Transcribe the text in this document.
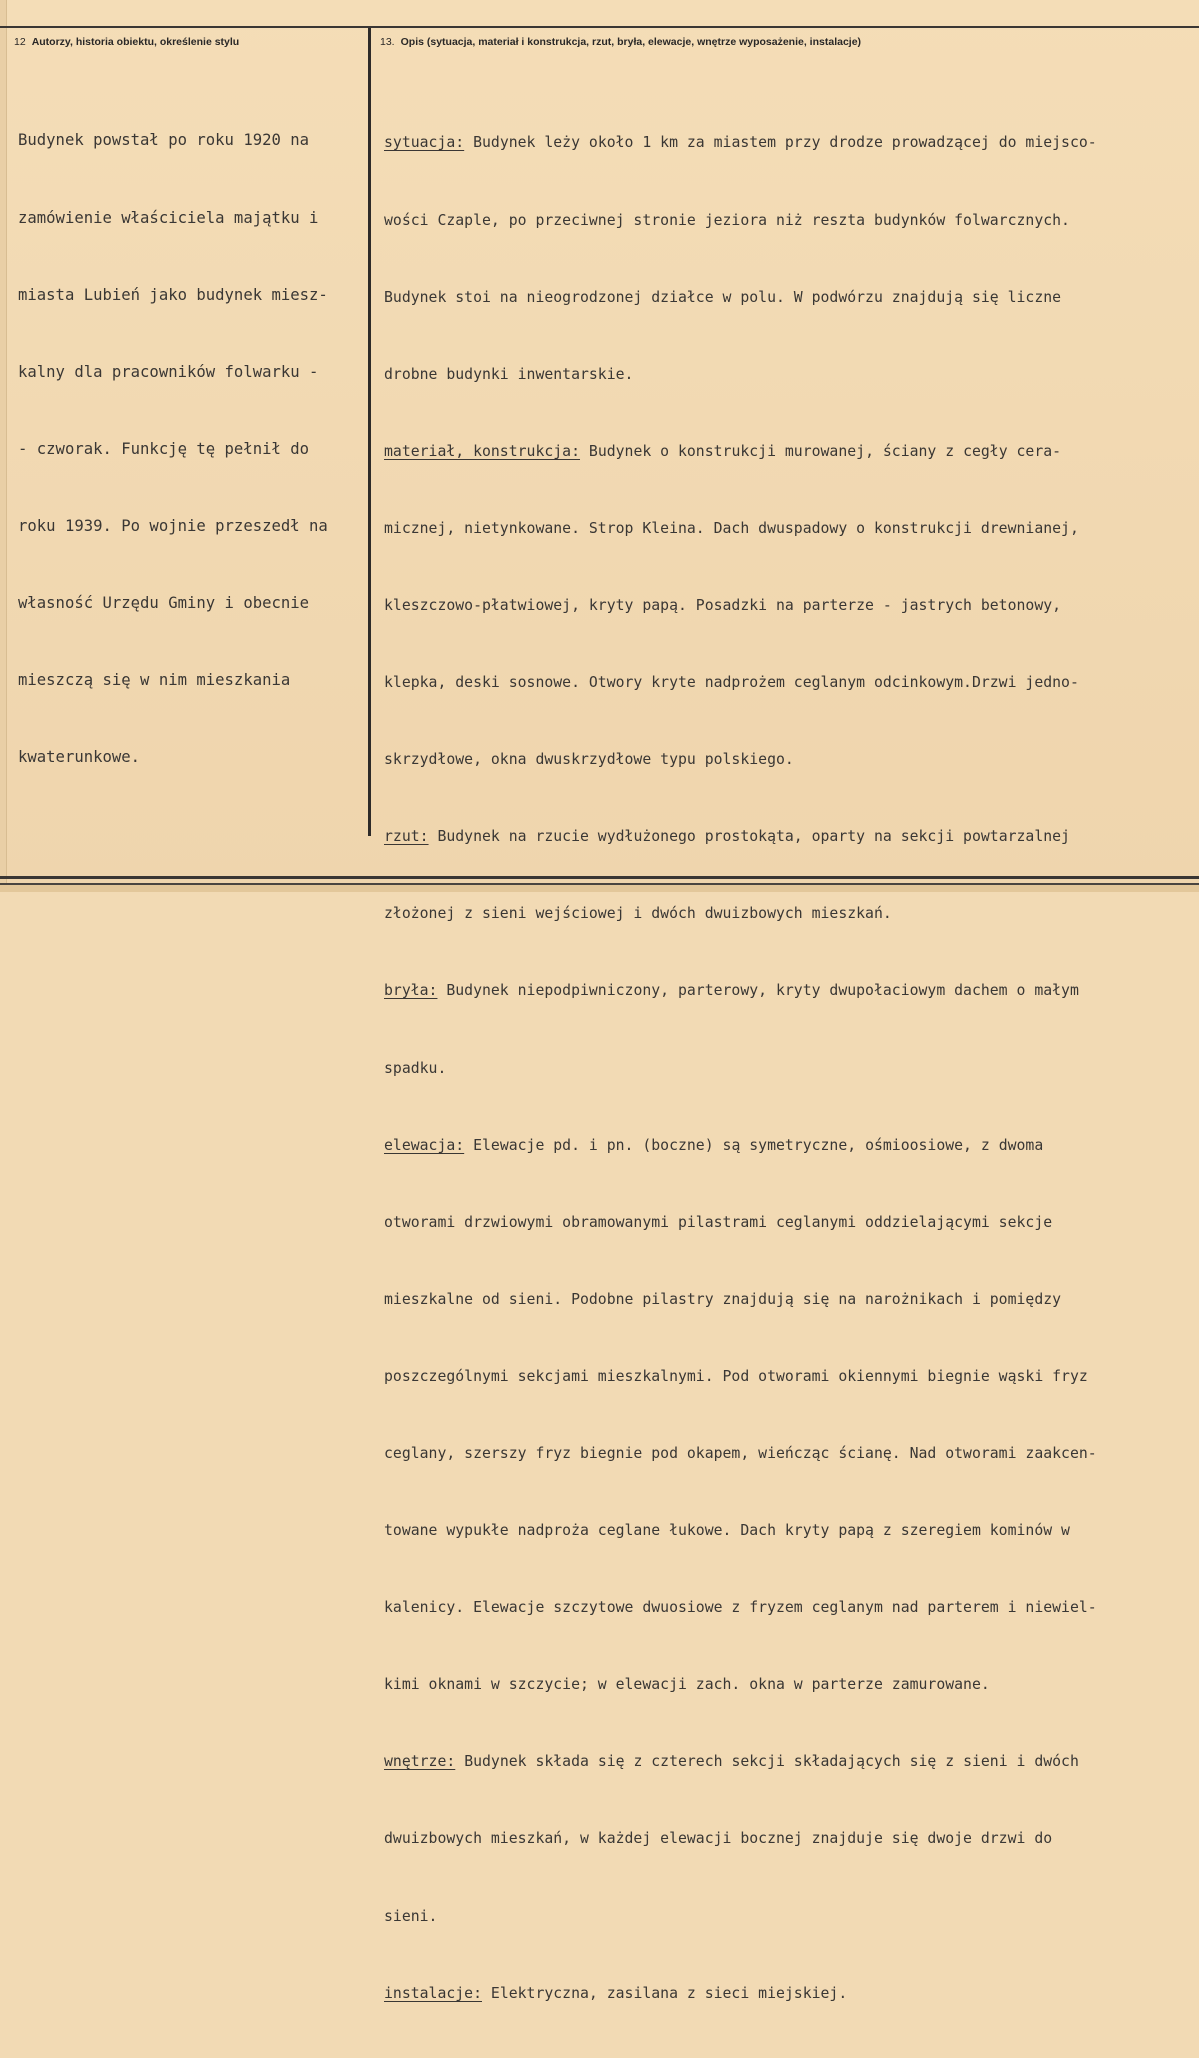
12 Autorzy, historia obiektu, określenie stylu	13. Opis (sytuacja, materiał i konstrukcja, rzut, bryła, elewacje, wnętrze wyposażenie, instalacje)

Budynek powstał po roku 1920 na

zamówienie właściciela majątku i

miasta Lubień jako budynek miesz-

kalny dla pracowników folwarku -

- czworak. Funkcję tę pełnił do

roku 1939. Po wojnie przeszedł na

własność Urzędu Gminy i obecnie

mieszczą się w nim mieszkania

kwaterunkowe.

sytuacja: Budynek leży około 1 km za miastem przy drodze prowadzącej do miejsco-

wości Czaple, po przeciwnej stronie jeziora niż reszta budynków folwarcznych.

Budynek stoi na nieogrodzonej działce w polu. W podwórzu znajdują się liczne

drobne budynki inwentarskie.

materiał, konstrukcja: Budynek o konstrukcji murowanej, ściany z cegły cera-

micznej, nietynkowane. Strop Kleina. Dach dwuspadowy o konstrukcji drewnianej,

kleszczowo-płatwiowej, kryty papą. Posadzki na parterze - jastrych betonowy,

klepka, deski sosnowe. Otwory kryte nadprożem ceglanym odcinkowym.Drzwi jedno-

skrzydłowe, okna dwuskrzydłowe typu polskiego.

rzut: Budynek na rzucie wydłużonego prostokąta, oparty na sekcji powtarzalnej

złożonej z sieni wejściowej i dwóch dwuizbowych mieszkań.

bryła: Budynek niepodpiwniczony, parterowy, kryty dwupołaciowym dachem o małym

spadku.

elewacja: Elewacje pd. i pn. (boczne) są symetryczne, ośmioosiowe, z dwoma

otworami drzwiowymi obramowanymi pilastrami ceglanymi oddzielającymi sekcje

mieszkalne od sieni. Podobne pilastry znajdują się na narożnikach i pomiędzy

poszczególnymi sekcjami mieszkalnymi. Pod otworami okiennymi biegnie wąski fryz

ceglany, szerszy fryz biegnie pod okapem, wieńcząc ścianę. Nad otworami zaakcen-

towane wypukłe nadproża ceglane łukowe. Dach kryty papą z szeregiem kominów w

kalenicy. Elewacje szczytowe dwuosiowe z fryzem ceglanym nad parterem i niewiel-

kimi oknami w szczycie; w elewacji zach. okna w parterze zamurowane.

wnętrze: Budynek składa się z czterech sekcji składających się z sieni i dwóch

dwuizbowych mieszkań, w każdej elewacji bocznej znajduje się dwoje drzwi do

sieni.

instalacje: Elektryczna, zasilana z sieci miejskiej.
